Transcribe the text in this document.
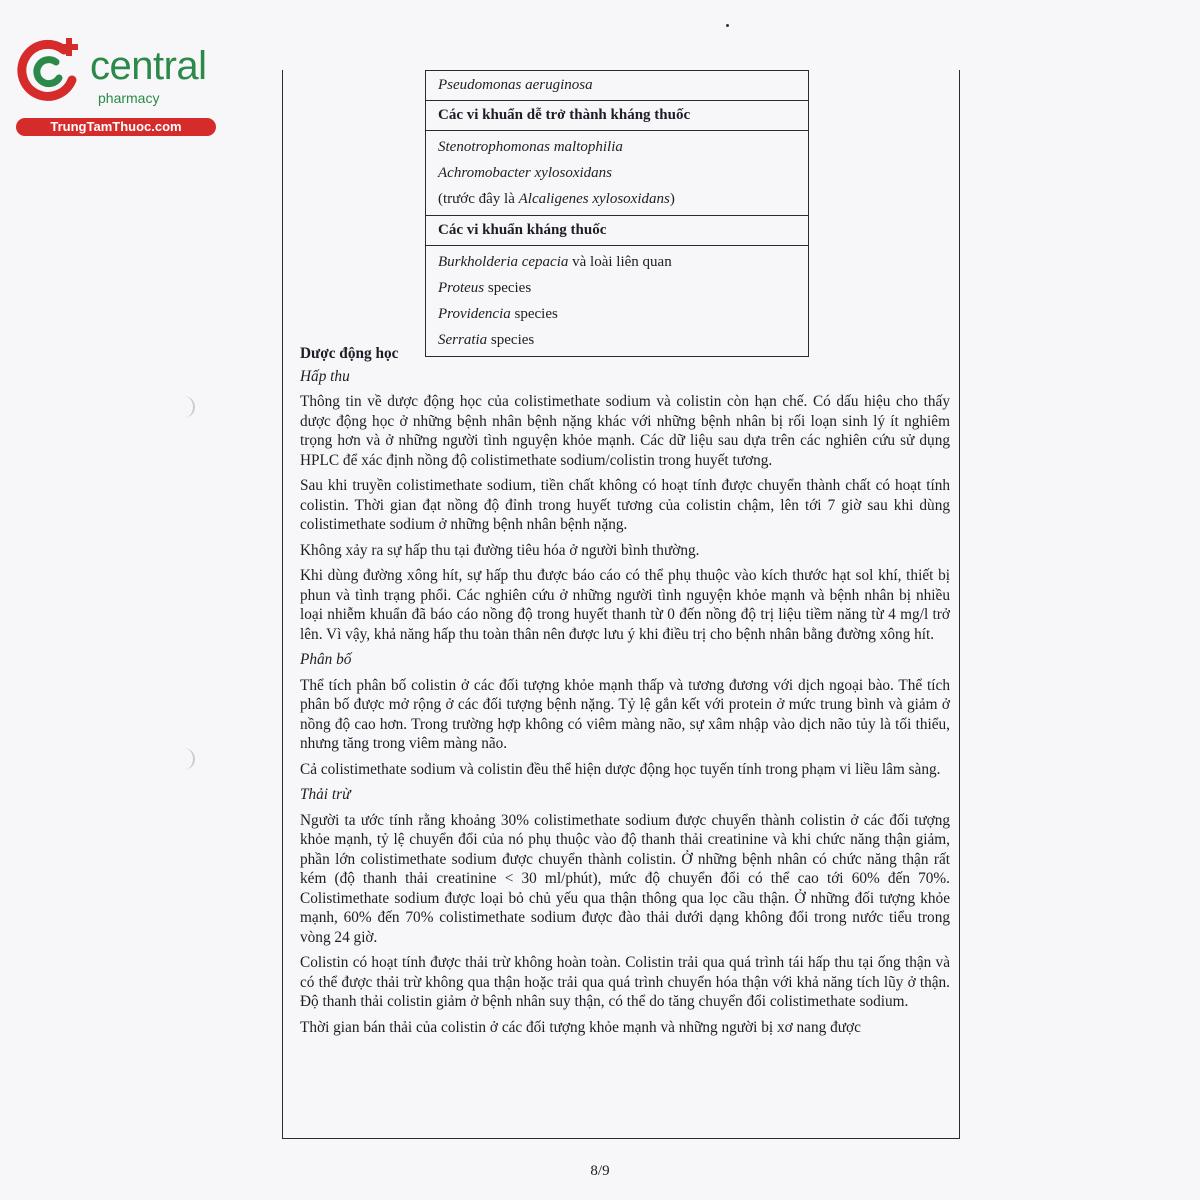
central
pharmacy
TrungTamThuoc.com
Pseudomonas aeruginosa
Các vi khuẩn dễ trở thành kháng thuốc
Stenotrophomonas maltophilia
Achromobacter xylosoxidans
(trước đây là Alcaligenes xylosoxidans)
Các vi khuẩn kháng thuốc
Burkholderia cepacia và loài liên quan
Proteus species
Providencia species
Serratia species
Dược động học
Hấp thu

Thông tin về dược động học của colistimethate sodium và colistin còn hạn chế. Có dấu hiệu cho thấy dược động học ở những bệnh nhân bệnh nặng khác với những bệnh nhân bị rối loạn sinh lý ít nghiêm trọng hơn và ở những người tình nguyện khỏe mạnh. Các dữ liệu sau dựa trên các nghiên cứu sử dụng HPLC để xác định nồng độ colistimethate sodium/colistin trong huyết tương.

Sau khi truyền colistimethate sodium, tiền chất không có hoạt tính được chuyển thành chất có hoạt tính colistin. Thời gian đạt nồng độ đỉnh trong huyết tương của colistin chậm, lên tới 7 giờ sau khi dùng colistimethate sodium ở những bệnh nhân bệnh nặng.

Không xảy ra sự hấp thu tại đường tiêu hóa ở người bình thường.

Khi dùng đường xông hít, sự hấp thu được báo cáo có thể phụ thuộc vào kích thước hạt sol khí, thiết bị phun và tình trạng phổi. Các nghiên cứu ở những người tình nguyện khỏe mạnh và bệnh nhân bị nhiều loại nhiễm khuẩn đã báo cáo nồng độ trong huyết thanh từ 0 đến nồng độ trị liệu tiềm năng từ 4 mg/l trở lên. Vì vậy, khả năng hấp thu toàn thân nên được lưu ý khi điều trị cho bệnh nhân bằng đường xông hít.

Phân bố

Thể tích phân bố colistin ở các đối tượng khỏe mạnh thấp và tương đương với dịch ngoại bào. Thể tích phân bố được mở rộng ở các đối tượng bệnh nặng. Tỷ lệ gắn kết với protein ở mức trung bình và giảm ở nồng độ cao hơn. Trong trường hợp không có viêm màng não, sự xâm nhập vào dịch não tủy là tối thiểu, nhưng tăng trong viêm màng não.

Cả colistimethate sodium và colistin đều thể hiện dược động học tuyến tính trong phạm vi liều lâm sàng.

Thải trừ

Người ta ước tính rằng khoảng 30% colistimethate sodium được chuyển thành colistin ở các đối tượng khỏe mạnh, tỷ lệ chuyển đổi của nó phụ thuộc vào độ thanh thải creatinine và khi chức năng thận giảm, phần lớn colistimethate sodium được chuyển thành colistin. Ở những bệnh nhân có chức năng thận rất kém (độ thanh thải creatinine < 30 ml/phút), mức độ chuyển đổi có thể cao tới 60% đến 70%. Colistimethate sodium được loại bỏ chủ yếu qua thận thông qua lọc cầu thận. Ở những đối tượng khỏe mạnh, 60% đến 70% colistimethate sodium được đào thải dưới dạng không đổi trong nước tiểu trong vòng 24 giờ.

Colistin có hoạt tính được thải trừ không hoàn toàn. Colistin trải qua quá trình tái hấp thu tại ống thận và có thể được thải trừ không qua thận hoặc trải qua quá trình chuyển hóa thận với khả năng tích lũy ở thận. Độ thanh thải colistin giảm ở bệnh nhân suy thận, có thể do tăng chuyển đổi colistimethate sodium.

Thời gian bán thải của colistin ở các đối tượng khỏe mạnh và những người bị xơ nang được

8/9
